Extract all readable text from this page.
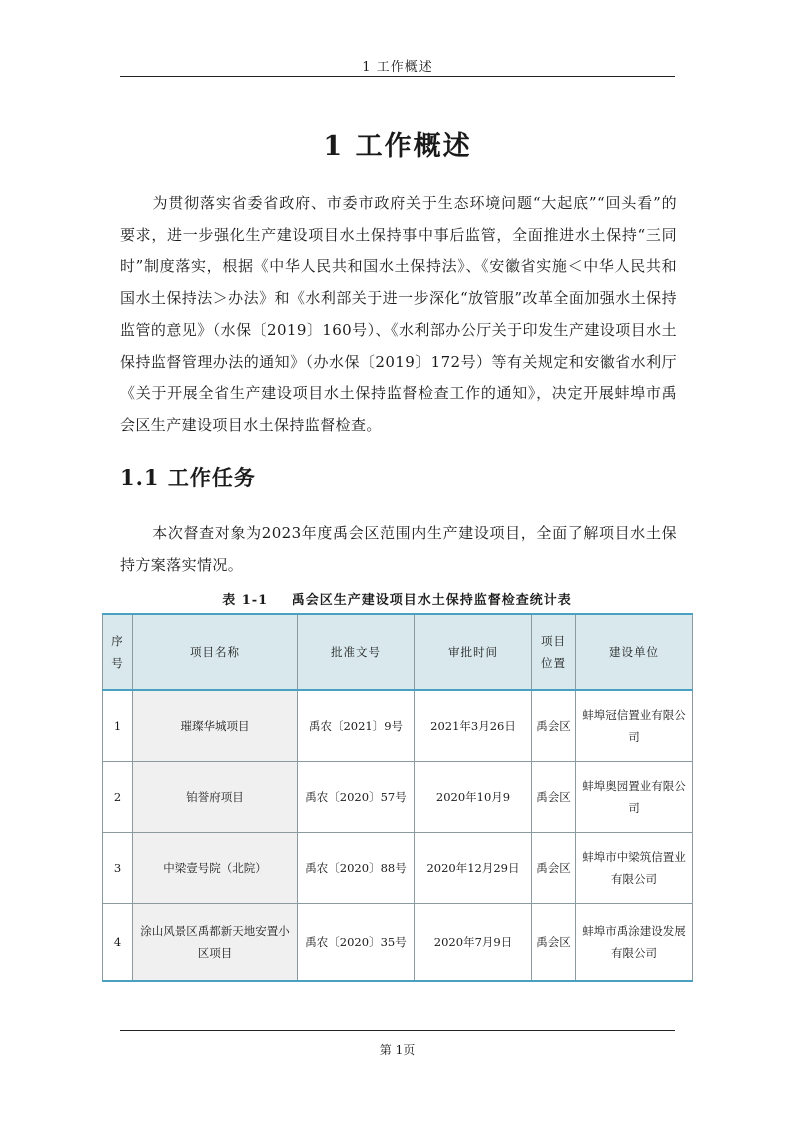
1 工作概述
1 工作概述
为贯彻落实省委省政府、市委市政府关于生态环境问题“大起底”“回头看”的要求，进一步强化生产建设项目水土保持事中事后监管，全面推进水土保持“三同时”制度落实，根据《中华人民共和国水土保持法》、《安徽省实施＜中华人民共和国水土保持法＞办法》和《水利部关于进一步深化“放管服”改革全面加强水土保持监管的意见》（水保〔2019〕160号）、《水利部办公厅关于印发生产建设项目水土保持监督管理办法的通知》（办水保〔2019〕172号）等有关规定和安徽省水利厅《关于开展全省生产建设项目水土保持监督检查工作的通知》，决定开展蚌埠市禹会区生产建设项目水土保持监督检查。
1.1 工作任务
本次督查对象为2023年度禹会区范围内生产建设项目，全面了解项目水土保持方案落实情况。
表 1-1 禹会区生产建设项目水土保持监督检查统计表
序号	项目名称	批准文号	审批时间	项目位置	建设单位
1	璀璨华城项目	禹农〔2021〕9号	2021年3月26日	禹会区	蚌埠冠信置业有限公司
2	铂誉府项目	禹农〔2020〕57号	2020年10月9	禹会区	蚌埠奥园置业有限公司
3	中梁壹号院（北院）	禹农〔2020〕88号	2020年12月29日	禹会区	蚌埠市中梁筑信置业有限公司
4	涂山风景区禹都新天地安置小区项目	禹农〔2020〕35号	2020年7月9日	禹会区	蚌埠市禹涂建设发展有限公司
第 1页
